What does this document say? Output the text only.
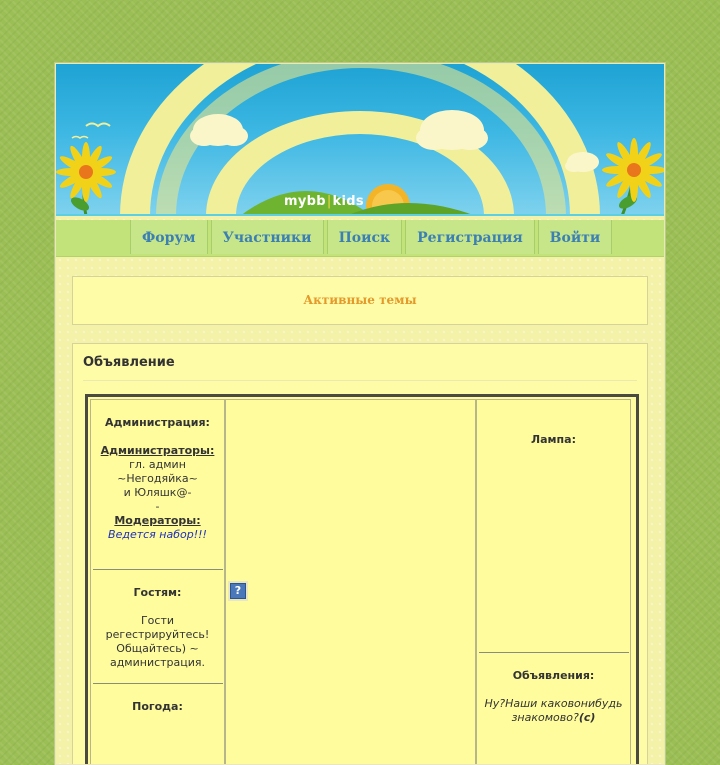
mybb|kids
Форум	Участники	Поиск	Регистрация	Войти
Активные темы
Объявление
Администрация:
Администраторы:
гл. админ
~Негодяйка~
и Юляшк@-
-
Модераторы:
Ведется набор!!!
Гостям:
Гости
регестрируйтесь!
Общайтесь) ~
администрация.
Погода:
?
Лампа:
Объявления:
Ну?Наши каковонибудь
знакомово?(c)
